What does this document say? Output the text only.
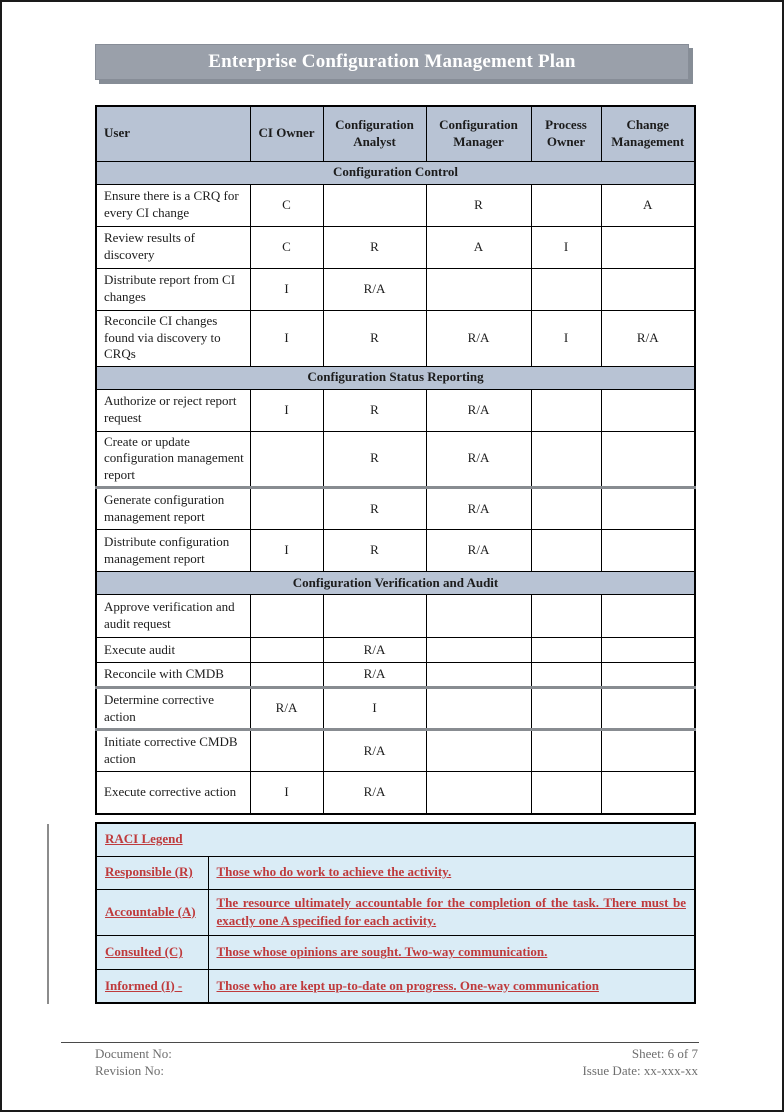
Enterprise Configuration Management Plan
User	CI Owner	Configuration Analyst	Configuration Manager	Process Owner	Change Management
Configuration Control					
Ensure there is a CRQ for every CI change	C		R		A
Review results of discovery	C	R	A	I	
Distribute report from CI changes	I	R/A			
Reconcile CI changes found via discovery to CRQs	I	R	R/A	I	R/A
Configuration Status Reporting					
Authorize or reject report request	I	R	R/A		
Create or update configuration management report		R	R/A		
Generate configuration management report		R	R/A		
Distribute configuration management report	I	R	R/A		
Configuration Verification and Audit					
Approve verification and audit request					
Execute audit		R/A			
Reconcile with CMDB		R/A			
Determine corrective action	R/A	I			
Initiate corrective CMDB action		R/A			
Execute corrective action	I	R/A			
RACI Legend	
Responsible (R)	Those who do work to achieve the activity.
Accountable (A)	The resource ultimately accountable for the completion of the task. There must be exactly one A specified for each activity.
Consulted (C)	Those whose opinions are sought. Two-way communication.
Informed (I) -	Those who are kept up-to-date on progress. One-way communication
Document No:
Revision No:
Sheet: 6 of 7
Issue Date: xx-xxx-xx
